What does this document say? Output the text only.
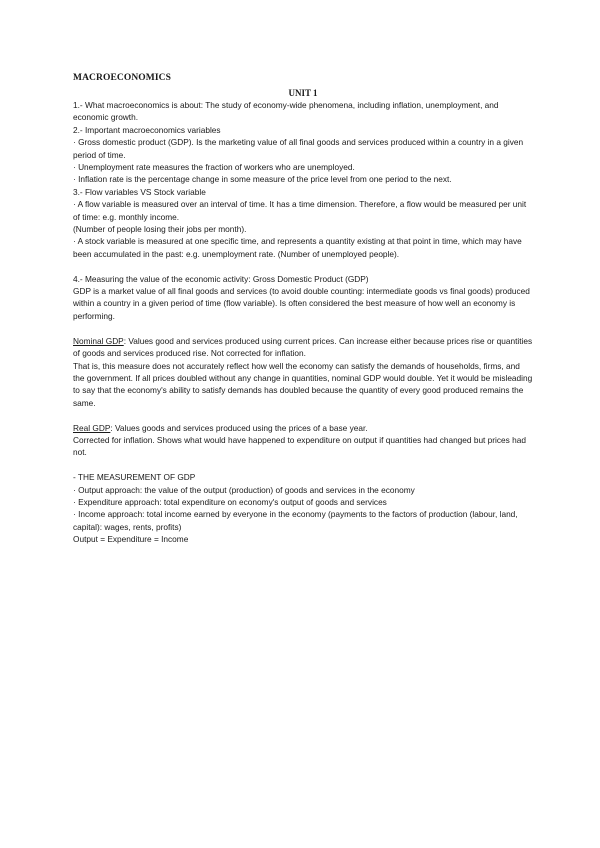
MACROECONOMICS

UNIT 1

1.- What macroeconomics is about: The study of economy-wide phenomena, including inflation, unemployment, and economic growth.

2.- Important macroeconomics variables

· Gross domestic product (GDP). Is the marketing value of all final goods and services produced within a country in a given period of time.

· Unemployment rate measures the fraction of workers who are unemployed.

· Inflation rate is the percentage change in some measure of the price level from one period to the next.

3.- Flow variables VS Stock variable

· A flow variable is measured over an interval of time. It has a time dimension. Therefore, a flow would be measured per unit of time: e.g. monthly income.

(Number of people losing their jobs per month).

· A stock variable is measured at one specific time, and represents a quantity existing at that point in time, which may have been accumulated in the past: e.g. unemployment rate. (Number of unemployed people).

4.- Measuring the value of the economic activity: Gross Domestic Product (GDP)

GDP is a market value of all final goods and services (to avoid double counting: intermediate goods vs final goods) produced within a country in a given period of time (flow variable). Is often considered the best measure of how well an economy is performing.

Nominal GDP: Values good and services produced using current prices. Can increase either because prices rise or quantities of goods and services produced rise. Not corrected for inflation.

That is, this measure does not accurately reflect how well the economy can satisfy the demands of households, firms, and the government. If all prices doubled without any change in quantities, nominal GDP would double. Yet it would be misleading to say that the economy's ability to satisfy demands has doubled because the quantity of every good produced remains the same.

Real GDP: Values goods and services produced using the prices of a base year.

Corrected for inflation. Shows what would have happened to expenditure on output if quantities had changed but prices had not.

- THE MEASUREMENT OF GDP

· Output approach: the value of the output (production) of goods and services in the economy

· Expenditure approach: total expenditure on economy's output of goods and services

· Income approach: total income earned by everyone in the economy (payments to the factors of production (labour, land, capital): wages, rents, profits)

Output = Expenditure = Income
